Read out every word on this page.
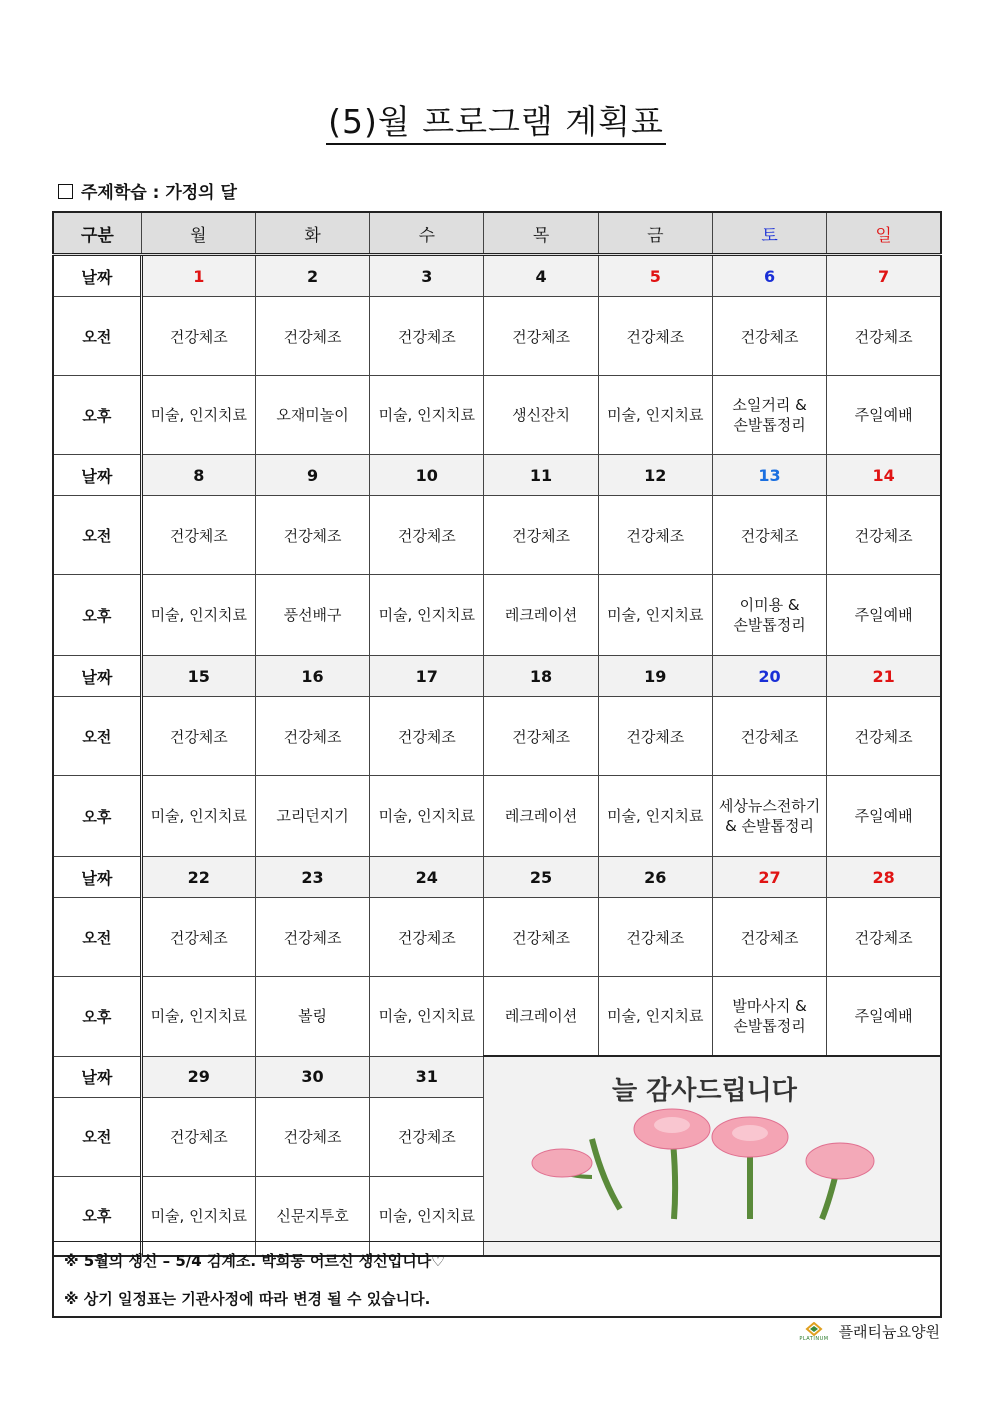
(5)월 프로그램 계획표
주제학습 : 가정의 달
구분	월	화	수	목	금	토	일
날짜	1	2	3	4	5	6	7
오전	건강체조	건강체조	건강체조	건강체조	건강체조	건강체조	건강체조
오후	미술, 인지치료	오재미놀이	미술, 인지치료	생신잔치	미술, 인지치료	소일거리 &
손발톱정리	주일예배
날짜	8	9	10	11	12	13	14
오전	건강체조	건강체조	건강체조	건강체조	건강체조	건강체조	건강체조
오후	미술, 인지치료	풍선배구	미술, 인지치료	레크레이션	미술, 인지치료	이미용 &
손발톱정리	주일예배
날짜	15	16	17	18	19	20	21
오전	건강체조	건강체조	건강체조	건강체조	건강체조	건강체조	건강체조
오후	미술, 인지치료	고리던지기	미술, 인지치료	레크레이션	미술, 인지치료	세상뉴스전하기
& 손발톱정리	주일예배
날짜	22	23	24	25	26	27	28
오전	건강체조	건강체조	건강체조	건강체조	건강체조	건강체조	건강체조
오후	미술, 인지치료	볼링	미술, 인지치료	레크레이션	미술, 인지치료	발마사지 &
손발톱정리	주일예배
날짜	29	30	31	늘 감사드립니다			

오전	건강체조	건강체조	건강체조				
오후	미술, 인지치료	신문지투호	미술, 인지치료				
※ 5월의 생신 – 5/4 김계조. 박희동 어르신 생신입니다♡
※ 상기 일정표는 기관사정에 따라 변경 될 수 있습니다.
PLATINUM 플래티늄요양원
